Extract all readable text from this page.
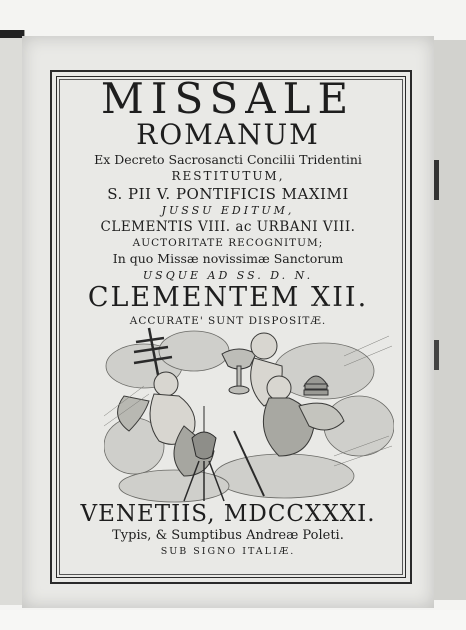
MISSALE
ROMANUM
Ex Decreto Sacrosancti Concilii Tridentini
RESTITUTUM,
S. PII V. PONTIFICIS MAXIMI
JUSSU EDITUM,
CLEMENTIS VIII. ac URBANI VIII.
AUCTORITATE RECOGNITUM;
In quo Missæ novissimæ Sanctorum
USQUE AD SS. D. N.
CLEMENTEM XII.
ACCURATE' SUNT DISPOSITÆ.
VENETIIS, MDCCXXXI.
Typis, & Sumptibus Andreæ Poleti.
SUB SIGNO ITALIÆ.
